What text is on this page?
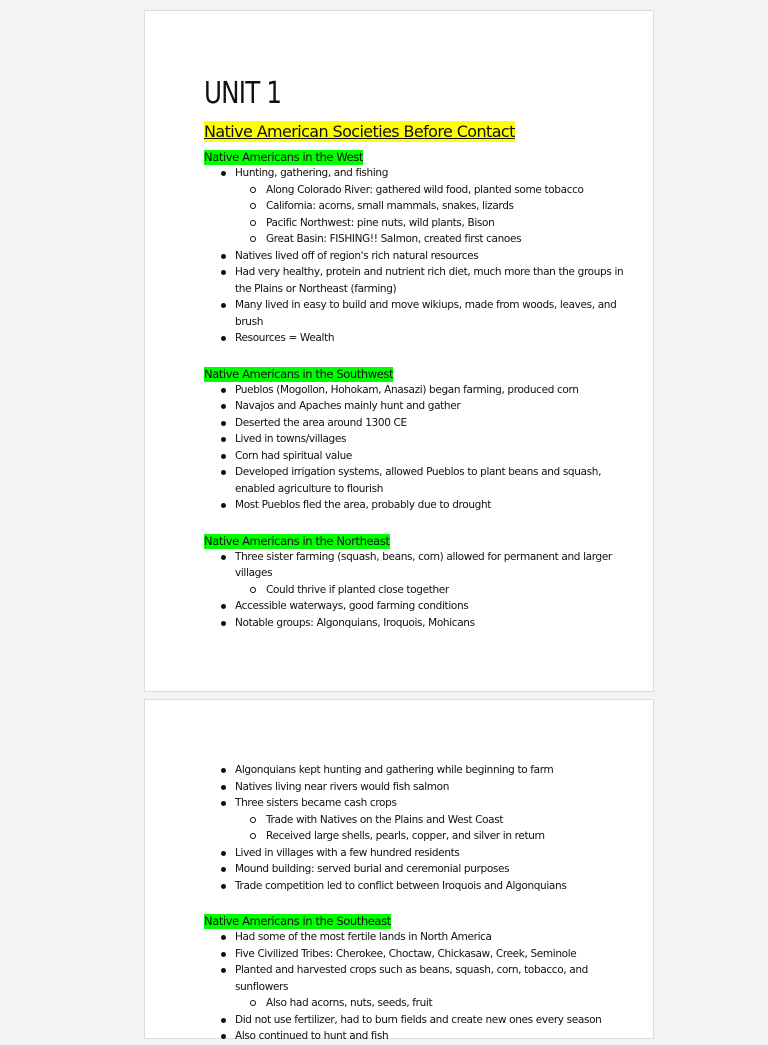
UNIT 1
Native American Societies Before Contact
Native Americans in the West
Hunting, gathering, and fishing
Along Colorado River: gathered wild food, planted some tobacco
California: acorns, small mammals, snakes, lizards
Pacific Northwest: pine nuts, wild plants, Bison
Great Basin: FISHING!! Salmon, created first canoes
Natives lived off of region's rich natural resources
Had very healthy, protein and nutrient rich diet, much more than the groups in the Plains or Northeast (farming)
Many lived in easy to build and move wikiups, made from woods, leaves, and brush
Resources = Wealth
Native Americans in the Southwest
Pueblos (Mogollon, Hohokam, Anasazi) began farming, produced corn
Navajos and Apaches mainly hunt and gather
Deserted the area around 1300 CE
Lived in towns/villages
Corn had spiritual value
Developed irrigation systems, allowed Pueblos to plant beans and squash, enabled agriculture to flourish
Most Pueblos fled the area, probably due to drought
Native Americans in the Northeast
Three sister farming (squash, beans, corn) allowed for permanent and larger villages
Could thrive if planted close together
Accessible waterways, good farming conditions
Notable groups: Algonquians, Iroquois, Mohicans
Algonquians kept hunting and gathering while beginning to farm
Natives living near rivers would fish salmon
Three sisters became cash crops
Trade with Natives on the Plains and West Coast
Received large shells, pearls, copper, and silver in return
Lived in villages with a few hundred residents
Mound building: served burial and ceremonial purposes
Trade competition led to conflict between Iroquois and Algonquians
Native Americans in the Southeast
Had some of the most fertile lands in North America
Five Civilized Tribes: Cherokee, Choctaw, Chickasaw, Creek, Seminole
Planted and harvested crops such as beans, squash, corn, tobacco, and sunflowers
Also had acorns, nuts, seeds, fruit
Did not use fertilizer, had to burn fields and create new ones every season
Also continued to hunt and fish
